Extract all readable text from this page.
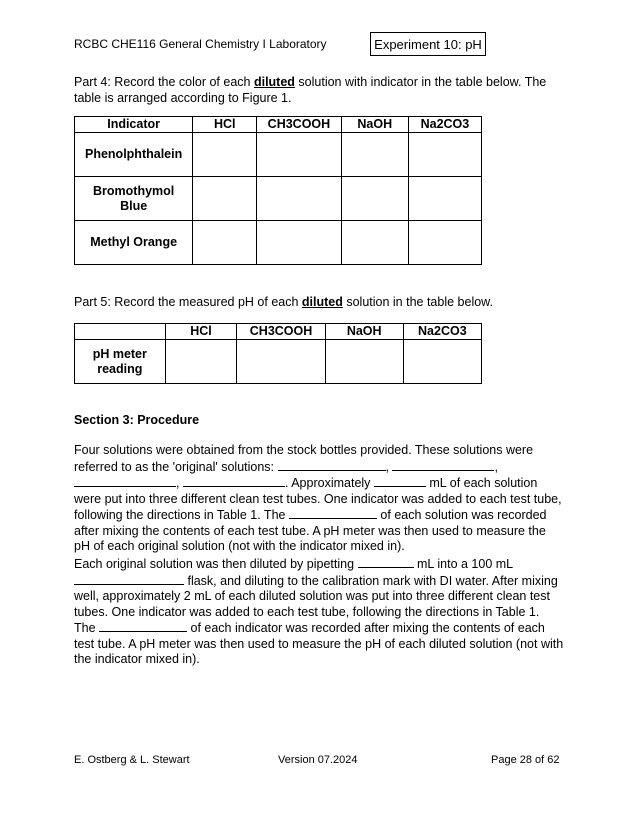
RCBC CHE116 General Chemistry I Laboratory	Experiment 10: pH
Part 4: Record the color of each diluted solution with indicator in the table below. The table is arranged according to Figure 1.
Indicator	HCl	CH3COOH	NaOH	Na2CO3
Phenolphthalein				
Bromothymol Blue				
Methyl Orange				
Part 5: Record the measured pH of each diluted solution in the table below.
	HCl	CH3COOH	NaOH	Na2CO3
pH meter reading				
Section 3: Procedure
Four solutions were obtained from the stock bottles provided. These solutions were referred to as the 'original' solutions:	,	, ,	. Approximately	mL of each solution were put into three different clean test tubes. One indicator was added to each test tube, following the directions in Table 1. The	of each solution was recorded after mixing the contents of each test tube. A pH meter was then used to measure the pH of each original solution (not with the indicator mixed in).
Each original solution was then diluted by pipetting	mL into a 100 mL  flask, and diluting to the calibration mark with DI water. After mixing well, approximately 2 mL of each diluted solution was put into three different clean test tubes. One indicator was added to each test tube, following the directions in Table 1. The	of each indicator was recorded after mixing the contents of each test tube. A pH meter was then used to measure the pH of each diluted solution (not with the indicator mixed in).
E. Ostberg & L. Stewart	Version 07.2024	Page 28 of 62
